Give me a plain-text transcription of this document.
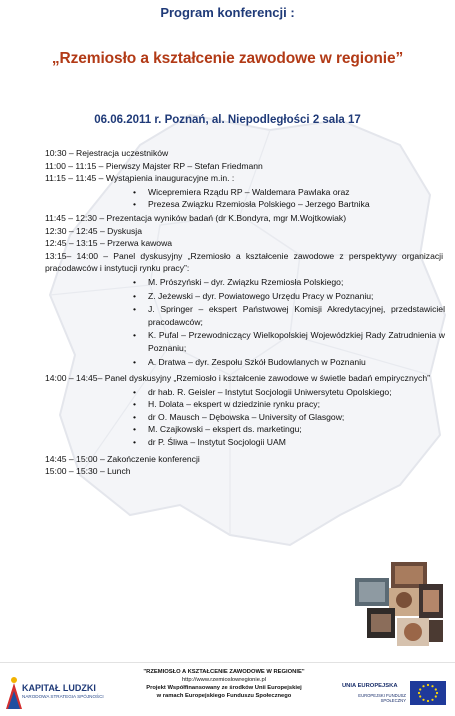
Program konferencji :
„Rzemiosło a kształcenie zawodowe w regionie”
06.06.2011 r. Poznań, al. Niepodległości 2 sala 17
10:30 – Rejestracja uczestników
11:00 – 11:15 – Pierwszy Majster RP – Stefan Friedmann
11:15 – 11:45 – Wystąpienia inauguracyjne m.in. :
• Wicepremiera Rządu RP – Waldemara Pawlaka oraz
• Prezesa Związku Rzemiosła Polskiego – Jerzego Bartnika
11:45 – 12:30 – Prezentacja wyników badań (dr K.Bondyra, mgr M.Wojtkowiak)
12:30 – 12:45 – Dyskusja
12:45 – 13:15 – Przerwa kawowa
13:15– 14:00 – Panel dyskusyjny „Rzemiosło a kształcenie zawodowe z perspektywy organizacji pracodawców i instytucji rynku pracy”:
• M. Prószyński – dyr. Związku Rzemiosła Polskiego;
• Z. Jeżewski – dyr. Powiatowego Urzędu Pracy w Poznaniu;
• J. Springer – ekspert Państwowej Komisji Akredytacyjnej, przedstawiciel pracodawców;
• K. Pufal – Przewodniczący Wielkopolskiej Wojewódzkiej Rady Zatrudnienia w Poznaniu;
• A. Dratwa – dyr. Zespołu Szkół Budowlanych w Poznaniu
14:00 – 14:45– Panel dyskusyjny „Rzemiosło i kształcenie zawodowe w świetle badań empirycznych”
• dr hab. R. Geisler – Instytut Socjologii Uniwersytetu Opolskiego;
• H. Dolata – ekspert w dziedzinie rynku pracy;
• dr O. Mausch – Dębowska – University of Glasgow;
• M. Czajkowski – ekspert ds. marketingu;
• dr P. Śliwa – Instytut Socjologii UAM
14:45 – 15:00 – Zakończenie konferencji
15:00 – 15:30 – Lunch
KAPITAŁ LUDZKI
NARODOWA STRATEGIA SPÓJNOŚCI
"RZEMIOSŁO A KSZTAŁCENIE ZAWODOWE W REGIONIE"
http://www.rzemioslowregionie.pl
Projekt Współfinansowany ze środków Unii Europejskiej
w ramach Europejskiego Funduszu Społecznego
UNIA EUROPEJSKA
EUROPEJSKI FUNDUSZ SPOŁECZNY
